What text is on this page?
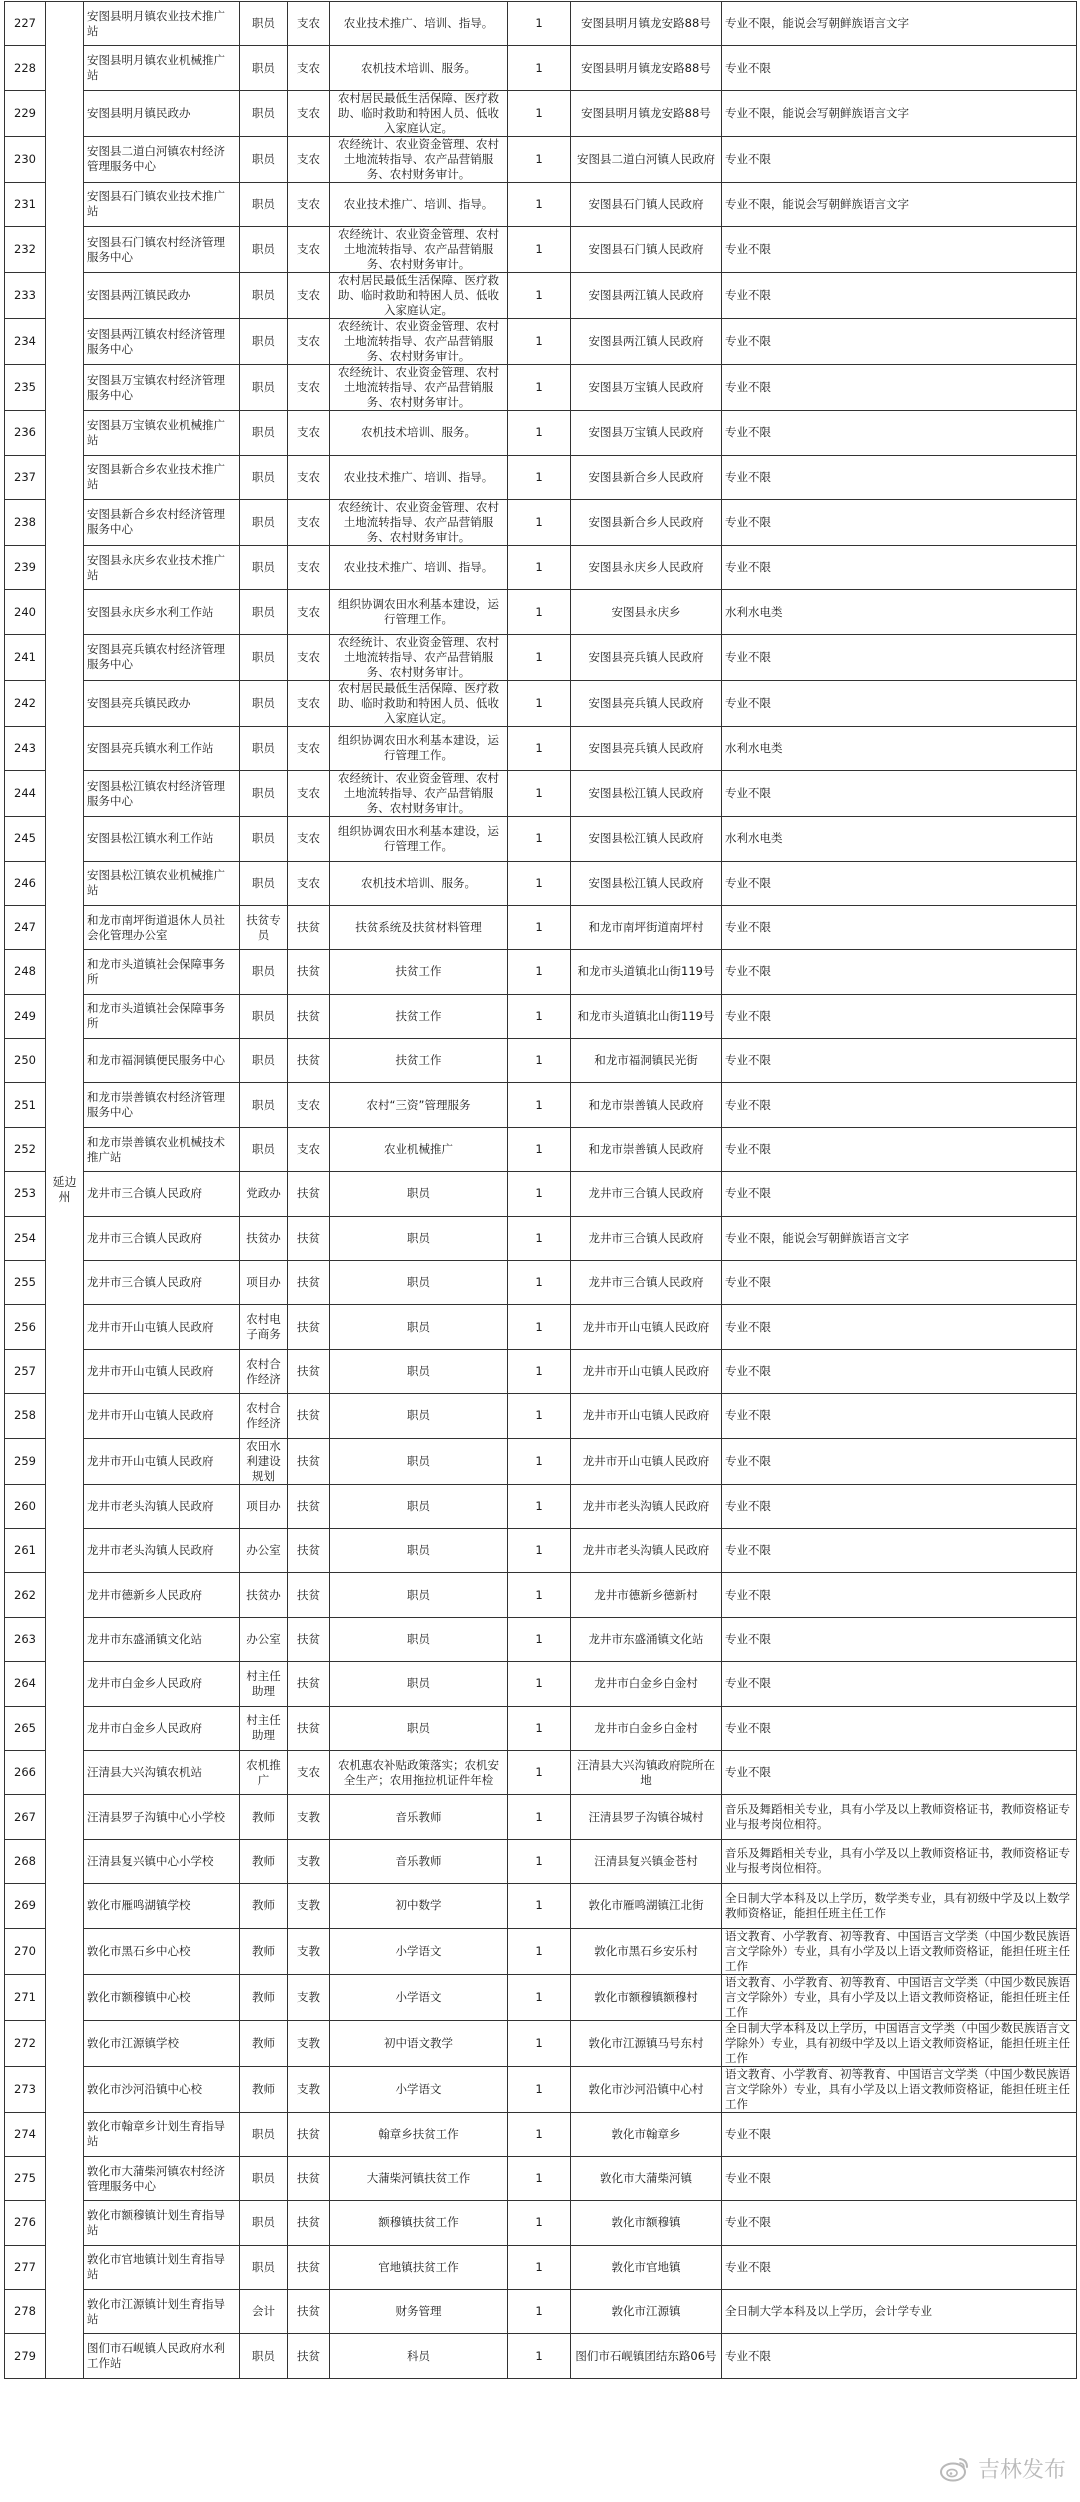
227	延边州	安图县明月镇农业技术推广站	职员	支农	农业技术推广、培训、指导。	1	安图县明月镇龙安路88号	专业不限，能说会写朝鲜族语言文字
228		安图县明月镇农业机械推广站	职员	支农	农机技术培训、服务。	1	安图县明月镇龙安路88号	专业不限
229		安图县明月镇民政办	职员	支农	农村居民最低生活保障、医疗救助、临时救助和特困人员、低收入家庭认定。	1	安图县明月镇龙安路88号	专业不限，能说会写朝鲜族语言文字
230		安图县二道白河镇农村经济管理服务中心	职员	支农	农经统计、农业资金管理、农村土地流转指导、农产品营销服务、农村财务审计。	1	安图县二道白河镇人民政府	专业不限
231		安图县石门镇农业技术推广站	职员	支农	农业技术推广、培训、指导。	1	安图县石门镇人民政府	专业不限，能说会写朝鲜族语言文字
232		安图县石门镇农村经济管理服务中心	职员	支农	农经统计、农业资金管理、农村土地流转指导、农产品营销服务、农村财务审计。	1	安图县石门镇人民政府	专业不限
233		安图县两江镇民政办	职员	支农	农村居民最低生活保障、医疗救助、临时救助和特困人员、低收入家庭认定。	1	安图县两江镇人民政府	专业不限
234		安图县两江镇农村经济管理服务中心	职员	支农	农经统计、农业资金管理、农村土地流转指导、农产品营销服务、农村财务审计。	1	安图县两江镇人民政府	专业不限
235		安图县万宝镇农村经济管理服务中心	职员	支农	农经统计、农业资金管理、农村土地流转指导、农产品营销服务、农村财务审计。	1	安图县万宝镇人民政府	专业不限
236		安图县万宝镇农业机械推广站	职员	支农	农机技术培训、服务。	1	安图县万宝镇人民政府	专业不限
237		安图县新合乡农业技术推广站	职员	支农	农业技术推广、培训、指导。	1	安图县新合乡人民政府	专业不限
238		安图县新合乡农村经济管理服务中心	职员	支农	农经统计、农业资金管理、农村土地流转指导、农产品营销服务、农村财务审计。	1	安图县新合乡人民政府	专业不限
239		安图县永庆乡农业技术推广站	职员	支农	农业技术推广、培训、指导。	1	安图县永庆乡人民政府	专业不限
240		安图县永庆乡水利工作站	职员	支农	组织协调农田水利基本建设，运行管理工作。	1	安图县永庆乡	水利水电类
241		安图县亮兵镇农村经济管理服务中心	职员	支农	农经统计、农业资金管理、农村土地流转指导、农产品营销服务、农村财务审计。	1	安图县亮兵镇人民政府	专业不限
242		安图县亮兵镇民政办	职员	支农	农村居民最低生活保障、医疗救助、临时救助和特困人员、低收入家庭认定。	1	安图县亮兵镇人民政府	专业不限
243		安图县亮兵镇水利工作站	职员	支农	组织协调农田水利基本建设，运行管理工作。	1	安图县亮兵镇人民政府	水利水电类
244		安图县松江镇农村经济管理服务中心	职员	支农	农经统计、农业资金管理、农村土地流转指导、农产品营销服务、农村财务审计。	1	安图县松江镇人民政府	专业不限
245		安图县松江镇水利工作站	职员	支农	组织协调农田水利基本建设，运行管理工作。	1	安图县松江镇人民政府	水利水电类
246		安图县松江镇农业机械推广站	职员	支农	农机技术培训、服务。	1	安图县松江镇人民政府	专业不限
247		和龙市南坪街道退休人员社会化管理办公室	扶贫专员	扶贫	扶贫系统及扶贫材料管理	1	和龙市南坪街道南坪村	专业不限
248		和龙市头道镇社会保障事务所	职员	扶贫	扶贫工作	1	和龙市头道镇北山街119号	专业不限
249		和龙市头道镇社会保障事务所	职员	扶贫	扶贫工作	1	和龙市头道镇北山街119号	专业不限
250		和龙市福洞镇便民服务中心	职员	扶贫	扶贫工作	1	和龙市福洞镇民光街	专业不限
251		和龙市崇善镇农村经济管理服务中心	职员	支农	农村“三资”管理服务	1	和龙市崇善镇人民政府	专业不限
252		和龙市崇善镇农业机械技术推广站	职员	支农	农业机械推广	1	和龙市崇善镇人民政府	专业不限
253		龙井市三合镇人民政府	党政办	扶贫	职员	1	龙井市三合镇人民政府	专业不限
254		龙井市三合镇人民政府	扶贫办	扶贫	职员	1	龙井市三合镇人民政府	专业不限，能说会写朝鲜族语言文字
255		龙井市三合镇人民政府	项目办	扶贫	职员	1	龙井市三合镇人民政府	专业不限
256		龙井市开山屯镇人民政府	农村电子商务	扶贫	职员	1	龙井市开山屯镇人民政府	专业不限
257		龙井市开山屯镇人民政府	农村合作经济	扶贫	职员	1	龙井市开山屯镇人民政府	专业不限
258		龙井市开山屯镇人民政府	农村合作经济	扶贫	职员	1	龙井市开山屯镇人民政府	专业不限
259		龙井市开山屯镇人民政府	农田水利建设规划	扶贫	职员	1	龙井市开山屯镇人民政府	专业不限
260		龙井市老头沟镇人民政府	项目办	扶贫	职员	1	龙井市老头沟镇人民政府	专业不限
261		龙井市老头沟镇人民政府	办公室	扶贫	职员	1	龙井市老头沟镇人民政府	专业不限
262		龙井市德新乡人民政府	扶贫办	扶贫	职员	1	龙井市德新乡德新村	专业不限
263		龙井市东盛涌镇文化站	办公室	扶贫	职员	1	龙井市东盛涌镇文化站	专业不限
264		龙井市白金乡人民政府	村主任助理	扶贫	职员	1	龙井市白金乡白金村	专业不限
265		龙井市白金乡人民政府	村主任助理	扶贫	职员	1	龙井市白金乡白金村	专业不限
266		汪清县大兴沟镇农机站	农机推广	支农	农机惠农补贴政策落实；农机安全生产；农用拖拉机证件年检	1	汪清县大兴沟镇政府院所在地	专业不限
267		汪清县罗子沟镇中心小学校	教师	支教	音乐教师	1	汪清县罗子沟镇谷城村	音乐及舞蹈相关专业，具有小学及以上教师资格证书，教师资格证专业与报考岗位相符。
268		汪清县复兴镇中心小学校	教师	支教	音乐教师	1	汪清县复兴镇金苍村	音乐及舞蹈相关专业，具有小学及以上教师资格证书，教师资格证专业与报考岗位相符。
269		敦化市雁鸣湖镇学校	教师	支教	初中数学	1	敦化市雁鸣湖镇江北街	全日制大学本科及以上学历，数学类专业，具有初级中学及以上数学教师资格证，能担任班主任工作
270		敦化市黑石乡中心校	教师	支教	小学语文	1	敦化市黑石乡安乐村	语文教育、小学教育、初等教育、中国语言文学类（中国少数民族语言文学除外）专业，具有小学及以上语文教师资格证，能担任班主任工作
271		敦化市额穆镇中心校	教师	支教	小学语文	1	敦化市额穆镇额穆村	语文教育、小学教育、初等教育、中国语言文学类（中国少数民族语言文学除外）专业，具有小学及以上语文教师资格证，能担任班主任工作
272		敦化市江源镇学校	教师	支教	初中语文教学	1	敦化市江源镇马号东村	全日制大学本科及以上学历，中国语言文学类（中国少数民族语言文学除外）专业，具有初级中学及以上语文教师资格证，能担任班主任工作
273		敦化市沙河沿镇中心校	教师	支教	小学语文	1	敦化市沙河沿镇中心村	语文教育、小学教育、初等教育、中国语言文学类（中国少数民族语言文学除外）专业，具有小学及以上语文教师资格证，能担任班主任工作
274		敦化市翰章乡计划生育指导站	职员	扶贫	翰章乡扶贫工作	1	敦化市翰章乡	专业不限
275		敦化市大蒲柴河镇农村经济管理服务中心	职员	扶贫	大蒲柴河镇扶贫工作	1	敦化市大蒲柴河镇	专业不限
276		敦化市额穆镇计划生育指导站	职员	扶贫	额穆镇扶贫工作	1	敦化市额穆镇	专业不限
277		敦化市官地镇计划生育指导站	职员	扶贫	官地镇扶贫工作	1	敦化市官地镇	专业不限
278		敦化市江源镇计划生育指导站	会计	扶贫	财务管理	1	敦化市江源镇	全日制大学本科及以上学历，会计学专业
279		图们市石岘镇人民政府水利工作站	职员	扶贫	科员	1	图们市石岘镇团结东路06号	专业不限
吉林发布
